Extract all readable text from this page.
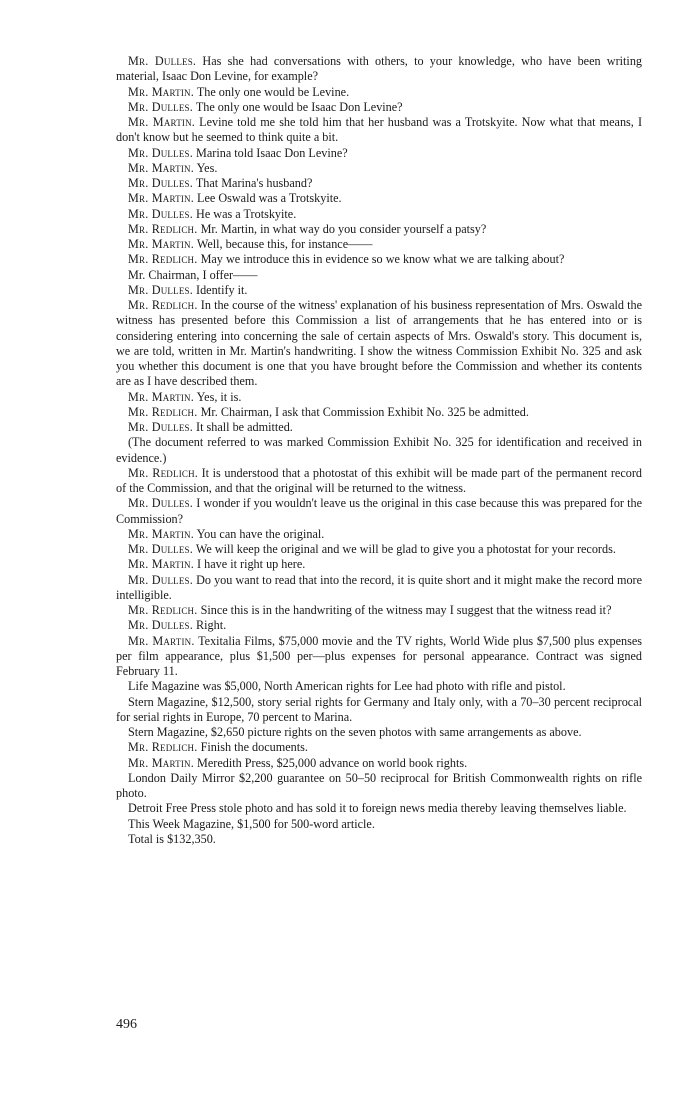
Mr. Dulles. Has she had conversations with others, to your knowledge, who have been writing material, Isaac Don Levine, for example?

Mr. Martin. The only one would be Levine.

Mr. Dulles. The only one would be Isaac Don Levine?

Mr. Martin. Levine told me she told him that her husband was a Trotskyite. Now what that means, I don't know but he seemed to think quite a bit.

Mr. Dulles. Marina told Isaac Don Levine?

Mr. Martin. Yes.

Mr. Dulles. That Marina's husband?

Mr. Martin. Lee Oswald was a Trotskyite.

Mr. Dulles. He was a Trotskyite.

Mr. Redlich. Mr. Martin, in what way do you consider yourself a patsy?

Mr. Martin. Well, because this, for instance——

Mr. Redlich. May we introduce this in evidence so we know what we are talking about?

Mr. Chairman, I offer——

Mr. Dulles. Identify it.

Mr. Redlich. In the course of the witness' explanation of his business representation of Mrs. Oswald the witness has presented before this Commission a list of arrangements that he has entered into or is considering entering into concerning the sale of certain aspects of Mrs. Oswald's story. This document is, we are told, written in Mr. Martin's handwriting. I show the witness Commission Exhibit No. 325 and ask you whether this document is one that you have brought before the Commission and whether its contents are as I have described them.

Mr. Martin. Yes, it is.

Mr. Redlich. Mr. Chairman, I ask that Commission Exhibit No. 325 be admitted.

Mr. Dulles. It shall be admitted.

(The document referred to was marked Commission Exhibit No. 325 for identification and received in evidence.)

Mr. Redlich. It is understood that a photostat of this exhibit will be made part of the permanent record of the Commission, and that the original will be returned to the witness.

Mr. Dulles. I wonder if you wouldn't leave us the original in this case because this was prepared for the Commission?

Mr. Martin. You can have the original.

Mr. Dulles. We will keep the original and we will be glad to give you a photostat for your records.

Mr. Martin. I have it right up here.

Mr. Dulles. Do you want to read that into the record, it is quite short and it might make the record more intelligible.

Mr. Redlich. Since this is in the handwriting of the witness may I suggest that the witness read it?

Mr. Dulles. Right.

Mr. Martin. Texitalia Films, $75,000 movie and the TV rights, World Wide plus $7,500 plus expenses per film appearance, plus $1,500 per—plus expenses for personal appearance. Contract was signed February 11.

Life Magazine was $5,000, North American rights for Lee had photo with rifle and pistol.

Stern Magazine, $12,500, story serial rights for Germany and Italy only, with a 70–30 percent reciprocal for serial rights in Europe, 70 percent to Marina.

Stern Magazine, $2,650 picture rights on the seven photos with same arrangements as above.

Mr. Redlich. Finish the documents.

Mr. Martin. Meredith Press, $25,000 advance on world book rights.

London Daily Mirror $2,200 guarantee on 50–50 reciprocal for British Commonwealth rights on rifle photo.

Detroit Free Press stole photo and has sold it to foreign news media thereby leaving themselves liable.

This Week Magazine, $1,500 for 500-word article.

Total is $132,350.

496
